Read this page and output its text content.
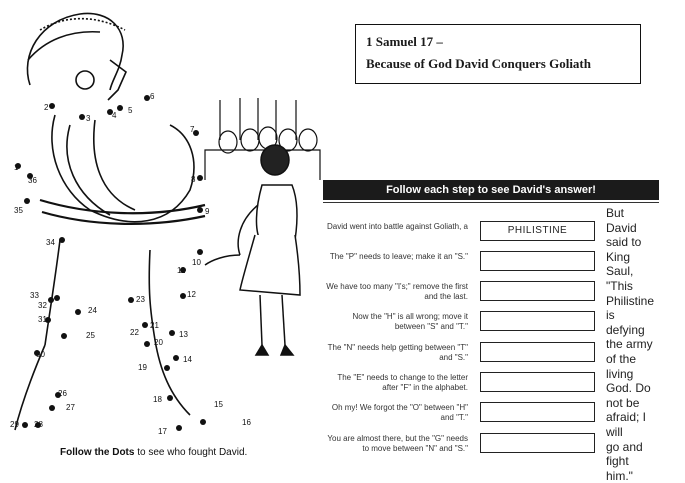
1
2
3	4
5
6
7
8
9
10
11
12
13
14
15
16
17
18
19
20
21
22
23
24
25
26
27
28
29
30
31
32
33
34
35
36
Follow the Dots to see who fought David.
1 Samuel 17 –
Because of God David Conquers Goliath
Follow each step to see David's answer!
David went into battle against Goliath, a	PHILISTINE
The "P" needs to leave; make it an "S."
We have too many "I's;" remove the first and the last.
Now the "H" is all wrong; move it between "S" and "T."
The "N" needs help getting between "T" and "S."
The "E" needs to change to the letter after "F" in the alphabet.
Oh my! We forgot the "O" between "H" and "T."
You are almost there, but the "G" needs to move between "N" and "S."
But
David
said to
King
Saul,
"This
Philistine
is
defying
the army
of the
living
God. Do
not be
afraid; I
will
go and
fight
him."
